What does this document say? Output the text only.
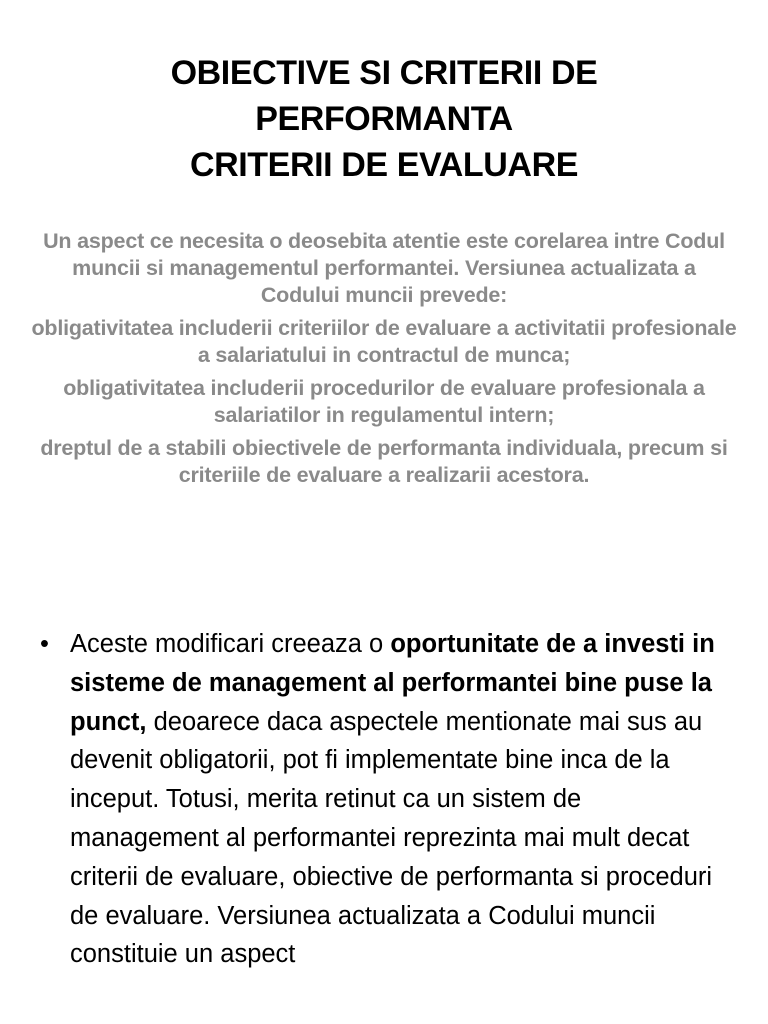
OBIECTIVE SI CRITERII DE
PERFORMANTA
CRITERII DE EVALUARE

Un aspect ce necesita o deosebita atentie este corelarea intre Codul muncii si managementul performantei. Versiunea actualizata a Codului muncii prevede:

obligativitatea includerii criteriilor de evaluare a activitatii profesionale a salariatului in contractul de munca;

obligativitatea includerii procedurilor de evaluare profesionala a salariatilor in regulamentul intern;

dreptul de a stabili obiectivele de performanta individuala, precum si criteriile de evaluare a realizarii acestora.

• Aceste modificari creeaza o oportunitate de a investi in sisteme de management al performantei bine puse la punct, deoarece daca aspectele mentionate mai sus au devenit obligatorii, pot fi implementate bine inca de la inceput. Totusi, merita retinut ca un sistem de management al performantei reprezinta mai mult decat criterii de evaluare, obiective de performanta si proceduri de evaluare. Versiunea actualizata a Codului muncii constituie un aspect
